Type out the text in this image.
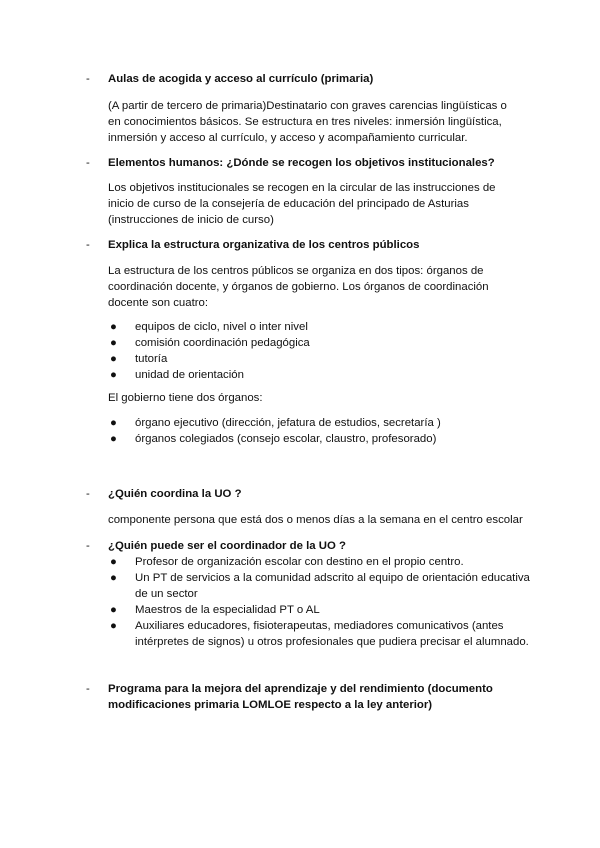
- Aulas de acogida y acceso al currículo (primaria)
(A partir de tercero de primaria)Destinatario con graves carencias lingüísticas o en conocimientos básicos. Se estructura en tres niveles: inmersión lingüística, inmersión y acceso al currículo, y acceso y acompañamiento curricular.
- Elementos humanos: ¿Dónde se recogen los objetivos institucionales?
Los objetivos institucionales se recogen en la circular de las instrucciones de inicio de curso de la consejería de educación del principado de Asturias (instrucciones de inicio de curso)
- Explica la estructura organizativa de los centros públicos
La estructura de los centros públicos se organiza en dos tipos: órganos de coordinación docente, y órganos de gobierno. Los órganos de coordinación docente son cuatro:
● equipos de ciclo, nivel o inter nivel
● comisión coordinación pedagógica
● tutoría
● unidad de orientación
El gobierno tiene dos órganos:
● órgano ejecutivo (dirección, jefatura de estudios, secretaría )
● órganos colegiados (consejo escolar, claustro, profesorado)
- ¿Quién coordina la UO ?
componente persona que está dos o menos días a la semana en el centro escolar
- ¿Quién puede ser el coordinador de la UO ?
● Profesor de organización escolar con destino en el propio centro.
● Un PT de servicios a la comunidad adscrito al equipo de orientación educativa de un sector
● Maestros de la especialidad PT o AL
● Auxiliares educadores, fisioterapeutas, mediadores comunicativos (antes intérpretes de signos) u otros profesionales que pudiera precisar el alumnado.
- Programa para la mejora del aprendizaje y del rendimiento (documento modificaciones primaria LOMLOE respecto a la ley anterior)
